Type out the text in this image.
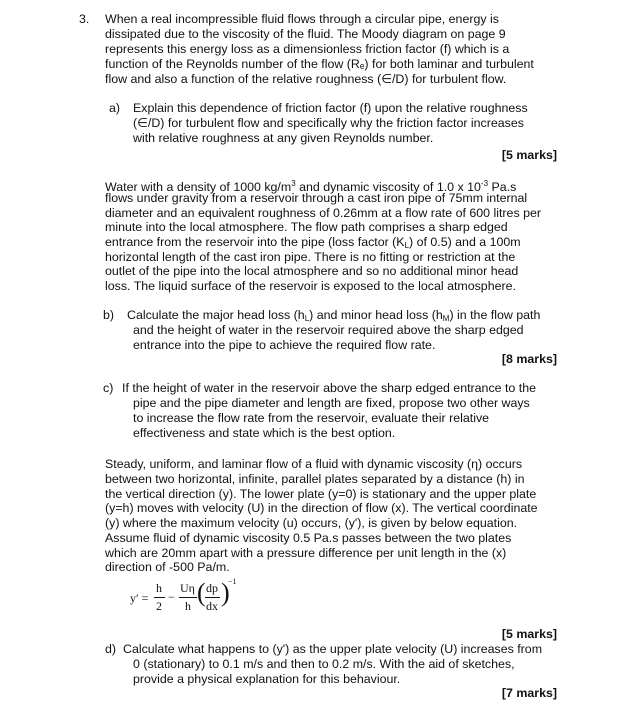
3. When a real incompressible fluid flows through a circular pipe, energy is
dissipated due to the viscosity of the fluid. The Moody diagram on page 9
represents this energy loss as a dimensionless friction factor (f) which is a
function of the Reynolds number of the flow (Rₑ) for both laminar and turbulent
flow and also a function of the relative roughness (∈/D) for turbulent flow.
a) Explain this dependence of friction factor (f) upon the relative roughness
(∈/D) for turbulent flow and specifically why the friction factor increases
with relative roughness at any given Reynolds number.
[5 marks]
Water with a density of 1000 $kg/m^3$ and dynamic viscosity of 1.0 x $10^{-3}$ Pa.s
flows under gravity from a reservoir through a cast iron pipe of 75mm internal
diameter and an equivalent roughness of 0.26mm at a flow rate of 600 litres per
minute into the local atmosphere. The flow path comprises a sharp edged
entrance from the reservoir into the pipe (loss factor $(K_L)$ of 0.5) and a 100m
horizontal length of the cast iron pipe. There is no fitting or restriction at the
outlet of the pipe into the local atmosphere and so no additional minor head
loss. The liquid surface of the reservoir is exposed to the local atmosphere.
b) Calculate the major head loss $(h_L)$ and minor head loss $(h_M)$ in the flow path
and the height of water in the reservoir required above the sharp edged
entrance into the pipe to achieve the required flow rate.
[8 marks]
c) If the height of water in the reservoir above the sharp edged entrance to the
pipe and the pipe diameter and length are fixed, propose two other ways
to increase the flow rate from the reservoir, evaluate their relative
effectiveness and state which is the best option.
Steady, uniform, and laminar flow of a fluid with dynamic viscosity (η) occurs
between two horizontal, infinite, parallel plates separated by a distance (h) in
the vertical direction (y). The lower plate (y=0) is stationary and the upper plate
(y=h) moves with velocity (U) in the direction of flow (x). The vertical coordinate
(y) where the maximum velocity (u) occurs, (y'), is given by below equation.
Assume fluid of dynamic viscosity 0.5 Pa.s passes between the two plates
which are 20mm apart with a pressure difference per unit length in the (x)
direction of -500 Pa/m.
y′ =
h
2
−
Uη
h ( dp
dx )
−1
[5 marks]
d) Calculate what happens to (y') as the upper plate velocity (U) increases from
0 (stationary) to 0.1 m/s and then to 0.2 m/s. With the aid of sketches,
provide a physical explanation for this behaviour.
[7 marks]
